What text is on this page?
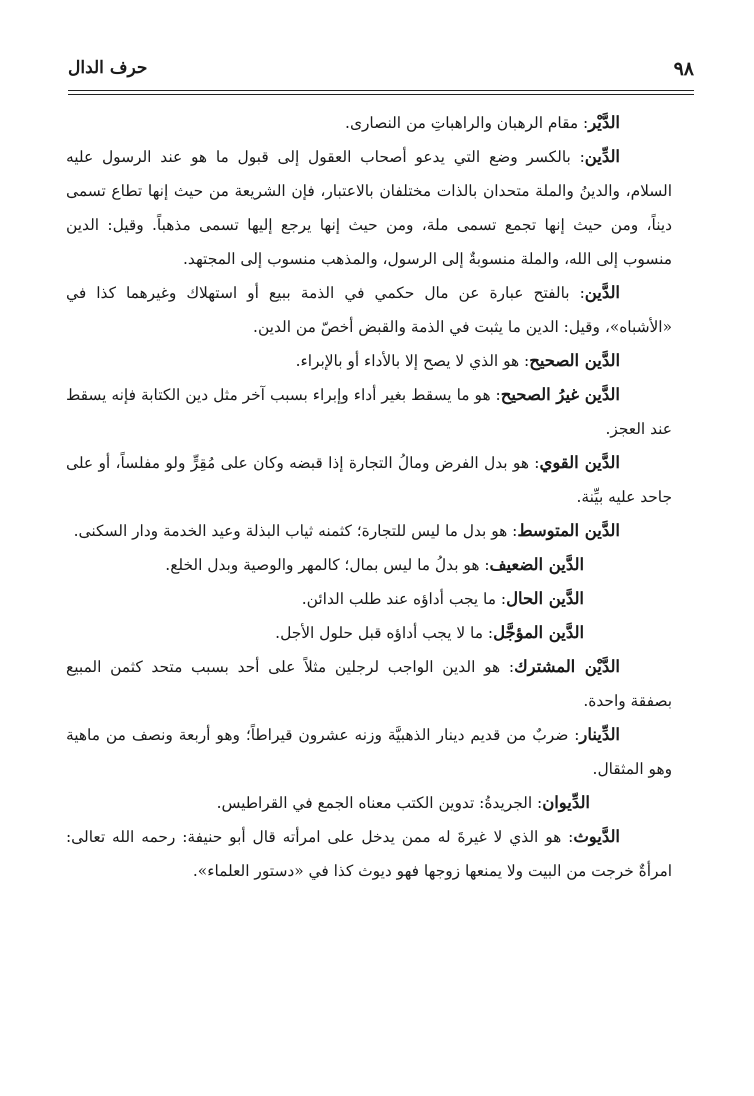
٩٨
حرف الدال

الدَّيْر: مقام الرهبان والراهباتِ من النصارى.

الدِّين: بالكسر وضع التي يدعو أصحاب العقول إلى قبول ما هو عند الرسول عليه السلام، والدينُ والملة متحدان بالذات مختلفان بالاعتبار، فإن الشريعة من حيث إنها تطاع تسمى ديناً، ومن حيث إنها تجمع تسمى ملة، ومن حيث إنها يرجع إليها تسمى مذهباً. وقيل: الدين منسوب إلى الله، والملة منسوبةٌ إلى الرسول، والمذهب منسوب إلى المجتهد.

الدَّين: بالفتح عبارة عن مال حكمي في الذمة ببيع أو استهلاك وغيرهما كذا في «الأشباه»، وقيل: الدين ما يثبت في الذمة والقبض أخصّ من الدين.

الدَّين الصحيح: هو الذي لا يصح إلا بالأداء أو بالإبراء.

الدَّين غيرُ الصحيح: هو ما يسقط بغير أداء وإبراء بسبب آخر مثل دين الكتابة فإنه يسقط عند العجز.

الدَّين القوي: هو بدل الفرض ومالُ التجارة إذا قبضه وكان على مُقِرٍّ ولو مفلساً، أو على جاحد عليه بيِّنة.

الدَّين المتوسط: هو بدل ما ليس للتجارة؛ كثمنه ثياب البذلة وعيد الخدمة ودار السكنى.

الدَّين الضعيف: هو بدلُ ما ليس بمال؛ كالمهر والوصية وبدل الخلع.

الدَّين الحال: ما يجب أداؤه عند طلب الدائن.

الدَّين المؤجَّل: ما لا يجب أداؤه قبل حلول الأجل.

الدَّيْن المشترك: هو الدين الواجب لرجلين مثلاً على أحد بسبب متحد كثمن المبيع بصفقة واحدة.

الدِّينار: ضربٌ من قديم دينار الذهبيَّة وزنه عشرون قيراطاً؛ وهو أربعة ونصف من ماهية وهو المثقال.

الدِّيوان: الجريدةُ: تدوين الكتب معناه الجمع في القراطيس.

الدَّيوث: هو الذي لا غيرةَ له ممن يدخل على امرأته قال أبو حنيفة: رحمه الله تعالى: امرأةٌ خرجت من البيت ولا يمنعها زوجها فهو ديوث كذا في «دستور العلماء».
